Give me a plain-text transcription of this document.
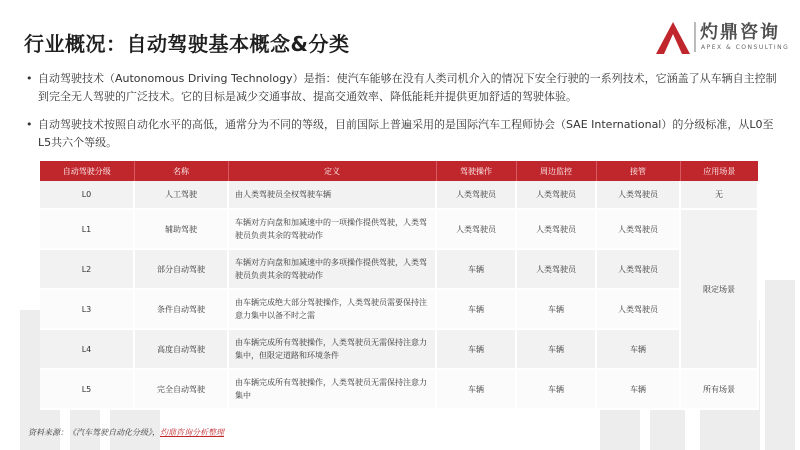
行业概况：自动驾驶基本概念&分类	灼鼎咨询
APEX & CONSULTING
• 自动驾驶技术（Autonomous Driving Technology）是指：使汽车能够在没有人类司机介入的情况下安全行驶的一系列技术，它涵盖了从车辆自主控制到完全无人驾驶的广泛技术。它的目标是减少交通事故、提高交通效率、降低能耗并提供更加舒适的驾驶体验。
• 自动驾驶技术按照自动化水平的高低，通常分为不同的等级，目前国际上普遍采用的是国际汽车工程师协会（SAE International）的分级标准，从L0至L5共六个等级。
自动驾驶分级	名称	定义	驾驶操作	周边监控	接管	应用场景
L0	人工驾驶	由人类驾驶员全权驾驶车辆	人类驾驶员	人类驾驶员	人类驾驶员	无
L1	辅助驾驶	车辆对方向盘和加减速中的一项操作提供驾驶，人类驾驶员负责其余的驾驶动作	人类驾驶员	人类驾驶员	人类驾驶员	限定场景
L2	部分自动驾驶	车辆对方向盘和加减速中的多项操作提供驾驶，人类驾驶员负责其余的驾驶动作	车辆	人类驾驶员	人类驾驶员	
L3	条件自动驾驶	由车辆完成绝大部分驾驶操作，人类驾驶员需要保持注意力集中以备不时之需	车辆	车辆	人类驾驶员	
L4	高度自动驾驶	由车辆完成所有驾驶操作，人类驾驶员无需保持注意力集中，但限定道路和环境条件	车辆	车辆	车辆	
L5	完全自动驾驶	由车辆完成所有驾驶操作，人类驾驶员无需保持注意力集中	车辆	车辆	车辆	所有场景
资料来源：《汽车驾驶自动化分级》，灼鼎咨询分析整理
